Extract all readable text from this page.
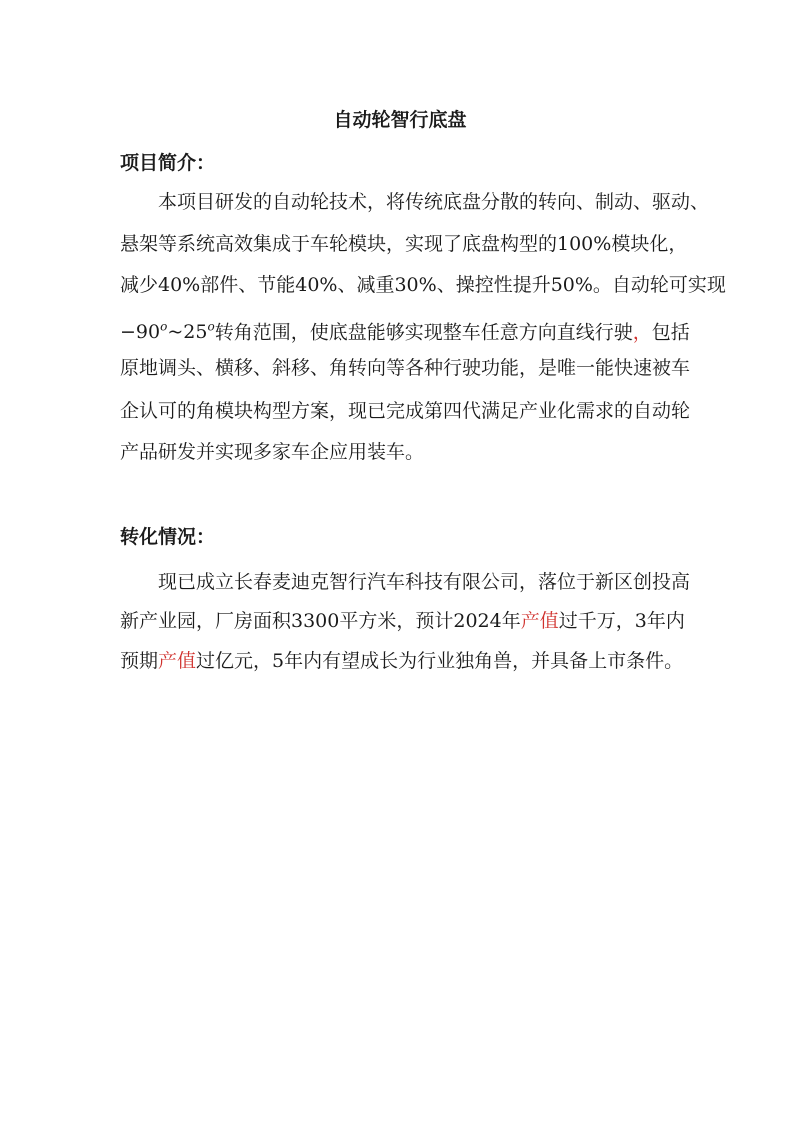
自动轮智行底盘
项目简介：
本项目研发的自动轮技术，将传统底盘分散的转向、制动、驱动、
悬架等系统高效集成于车轮模块，实现了底盘构型的100%模块化，
减少40%部件、节能40%、减重30%、操控性提升50%。自动轮可实现
$-90^o\sim 25^o$转角范围，使底盘能够实现整车任意方向直线行驶，包括
原地调头、横移、斜移、角转向等各种行驶功能，是唯一能快速被车
企认可的角模块构型方案，现已完成第四代满足产业化需求的自动轮
产品研发并实现多家车企应用装车。
转化情况：
现已成立长春麦迪克智行汽车科技有限公司，落位于新区创投高
新产业园，厂房面积3300平方米，预计2024年产值过千万，3年内
预期产值过亿元，5年内有望成长为行业独角兽，并具备上市条件。
